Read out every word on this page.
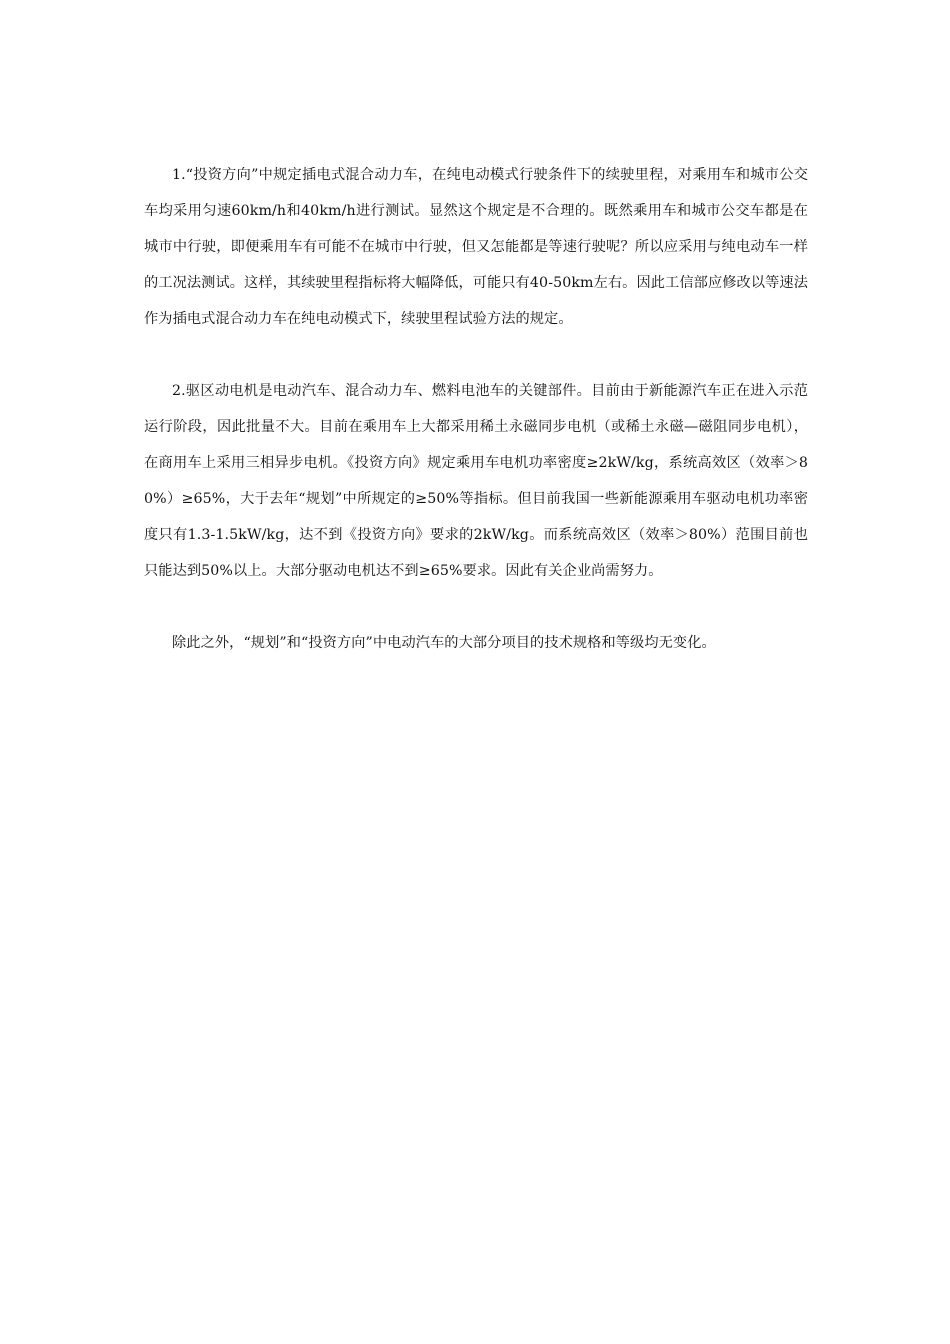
1.“投资方向”中规定插电式混合动力车，在纯电动模式行驶条件下的续驶里程，对乘用车和城市公交车均采用匀速60km/h和40km/h进行测试。显然这个规定是不合理的。既然乘用车和城市公交车都是在城市中行驶，即便乘用车有可能不在城市中行驶，但又怎能都是等速行驶呢？所以应采用与纯电动车一样的工况法测试。这样，其续驶里程指标将大幅降低，可能只有40-50km左右。因此工信部应修改以等速法作为插电式混合动力车在纯电动模式下，续驶里程试验方法的规定。

2.驱区动电机是电动汽车、混合动力车、燃料电池车的关键部件。目前由于新能源汽车正在进入示范运行阶段，因此批量不大。目前在乘用车上大都采用稀土永磁同步电机（或稀土永磁—磁阻同步电机），在商用车上采用三相异步电机。《投资方向》规定乘用车电机功率密度≥2kW/kg，系统高效区（效率＞80%）≥65%，大于去年“规划”中所规定的≥50%等指标。但目前我国一些新能源乘用车驱动电机功率密度只有1.3-1.5kW/kg，达不到《投资方向》要求的2kW/kg。而系统高效区（效率＞80%）范围目前也只能达到50%以上。大部分驱动电机达不到≥65%要求。因此有关企业尚需努力。

除此之外，“规划”和“投资方向”中电动汽车的大部分项目的技术规格和等级均无变化。
